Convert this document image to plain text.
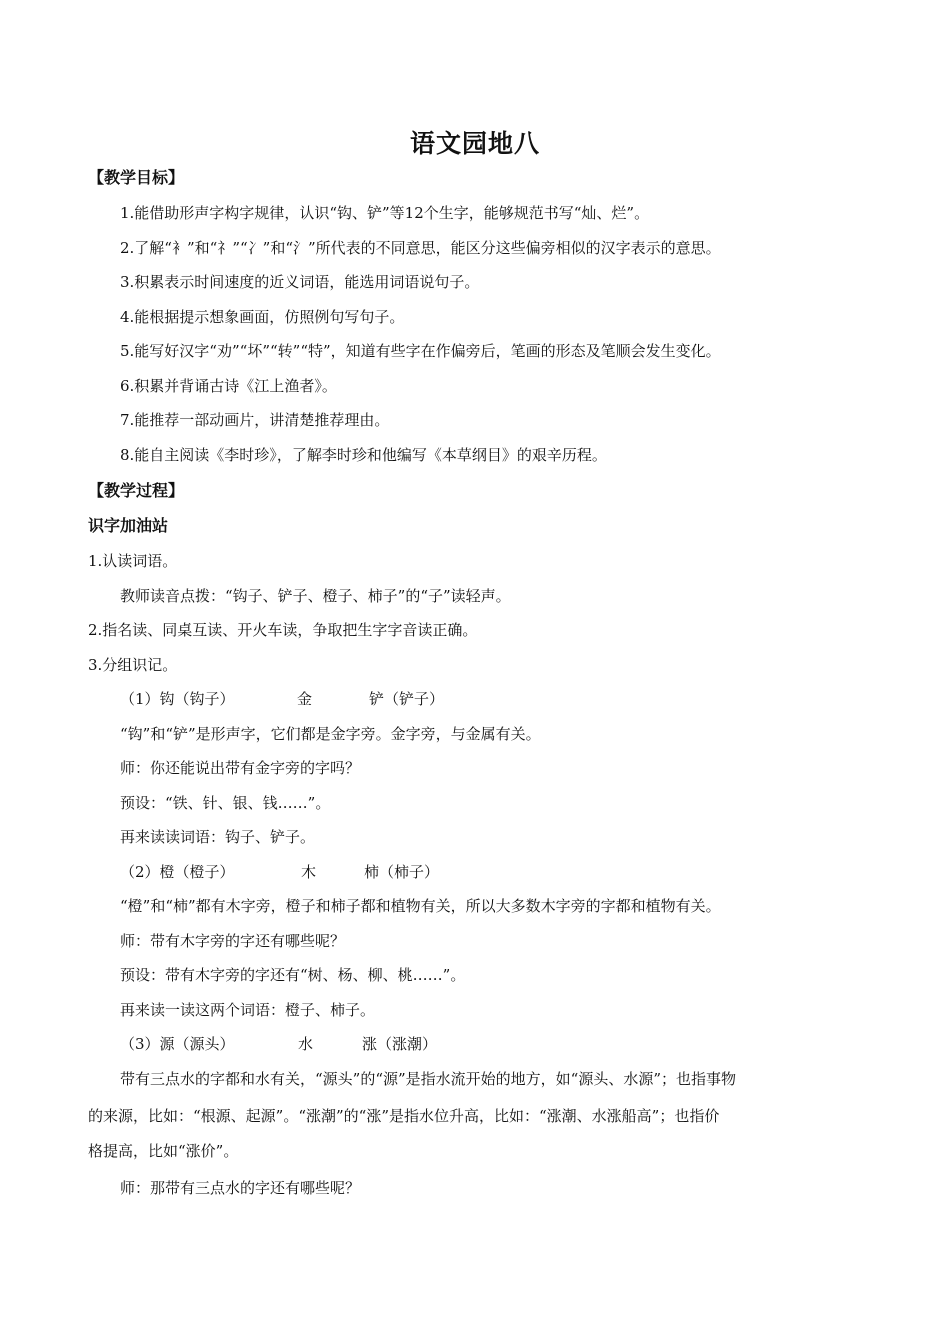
语文园地八
【教学目标】

1.能借助形声字构字规律，认识“钩、铲”等12个生字，能够规范书写“灿、烂”。

2.了解“衤”和“礻”“冫”和“氵”所代表的不同意思，能区分这些偏旁相似的汉字表示的意思。

3.积累表示时间速度的近义词语，能选用词语说句子。

4.能根据提示想象画面，仿照例句写句子。

5.能写好汉字“劝”“坏”“转”“特”，知道有些字在作偏旁后，笔画的形态及笔顺会发生变化。

6.积累并背诵古诗《江上渔者》。

7.能推荐一部动画片，讲清楚推荐理由。

8.能自主阅读《李时珍》，了解李时珍和他编写《本草纲目》的艰辛历程。

【教学过程】
识字加油站

1.认读词语。

教师读音点拨：“钩子、铲子、橙子、柿子”的“子”读轻声。

2.指名读、同桌互读、开火车读，争取把生字字音读正确。

3.分组识记。

（1）钩（钩子）	金	铲（铲子）

“钩”和“铲”是形声字，它们都是金字旁。金字旁，与金属有关。

师：你还能说出带有金字旁的字吗？

预设：“铁、针、银、钱……”。

再来读读词语：钩子、铲子。

（2）橙（橙子）	木	柿（柿子）

“橙”和“柿”都有木字旁，橙子和柿子都和植物有关，所以大多数木字旁的字都和植物有关。

师：带有木字旁的字还有哪些呢？

预设：带有木字旁的字还有“树、杨、柳、桃……”。

再来读一读这两个词语：橙子、柿子。

（3）源（源头）	水	涨（涨潮）

带有三点水的字都和水有关，“源头”的“源”是指水流开始的地方，如“源头、水源”；也指事物

的来源，比如：“根源、起源”。“涨潮”的“涨”是指水位升高，比如：“涨潮、水涨船高”；也指价

格提高，比如“涨价”。

师：那带有三点水的字还有哪些呢？
